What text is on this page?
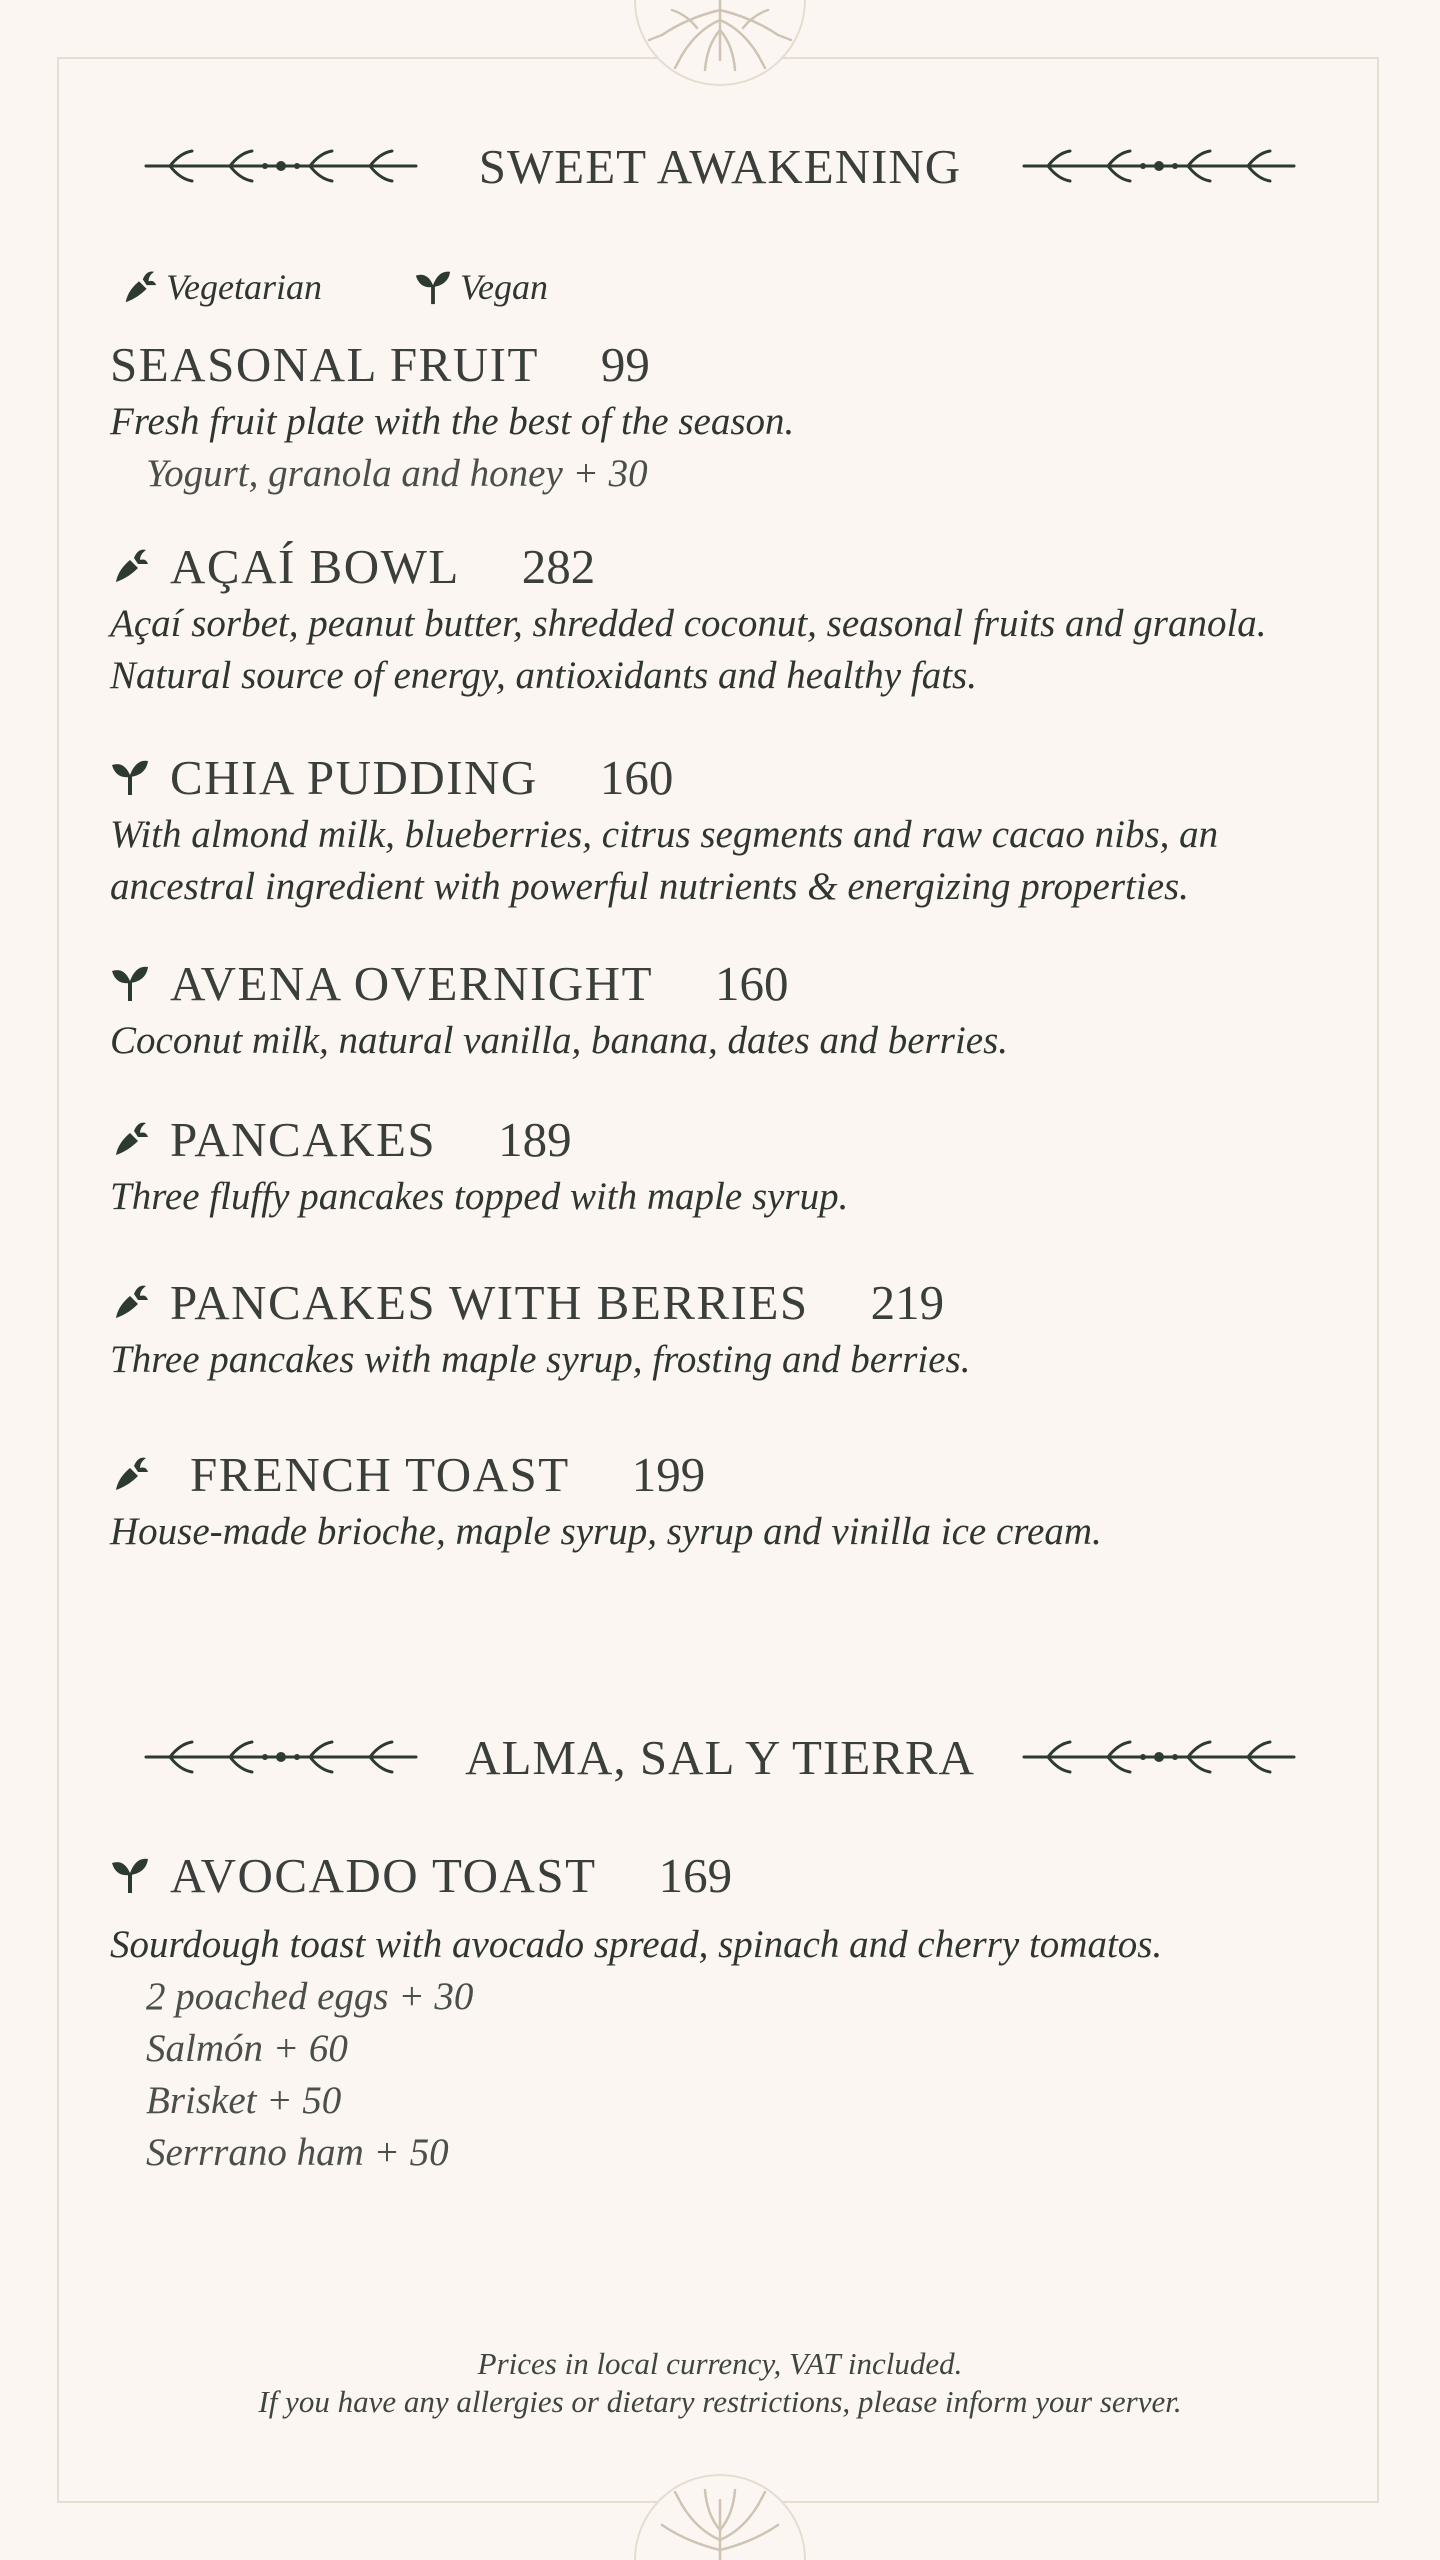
SWEET AWAKENING
Vegetarian	Vegan
SEASONAL FRUIT 99
Fresh fruit plate with the best of the season.
Yogurt, granola and honey + 30
AÇAÍ BOWL 282
Açaí sorbet, peanut butter, shredded coconut, seasonal fruits and granola. Natural source of energy, antioxidants and healthy fats.
CHIA PUDDING 160
With almond milk, blueberries, citrus segments and raw cacao nibs, an ancestral ingredient with powerful nutrients & energizing properties.
AVENA OVERNIGHT 160
Coconut milk, natural vanilla, banana, dates and berries.
PANCAKES 189
Three fluffy pancakes topped with maple syrup.
PANCAKES WITH BERRIES 219
Three pancakes with maple syrup, frosting and berries.
FRENCH TOAST 199
House-made brioche, maple syrup, syrup and vinilla ice cream.
ALMA, SAL Y TIERRA
AVOCADO TOAST 169
Sourdough toast with avocado spread, spinach and cherry tomatos.
2 poached eggs + 30
Salmón + 60
Brisket + 50
Serrrano ham + 50
Prices in local currency, VAT included.
If you have any allergies or dietary restrictions, please inform your server.
